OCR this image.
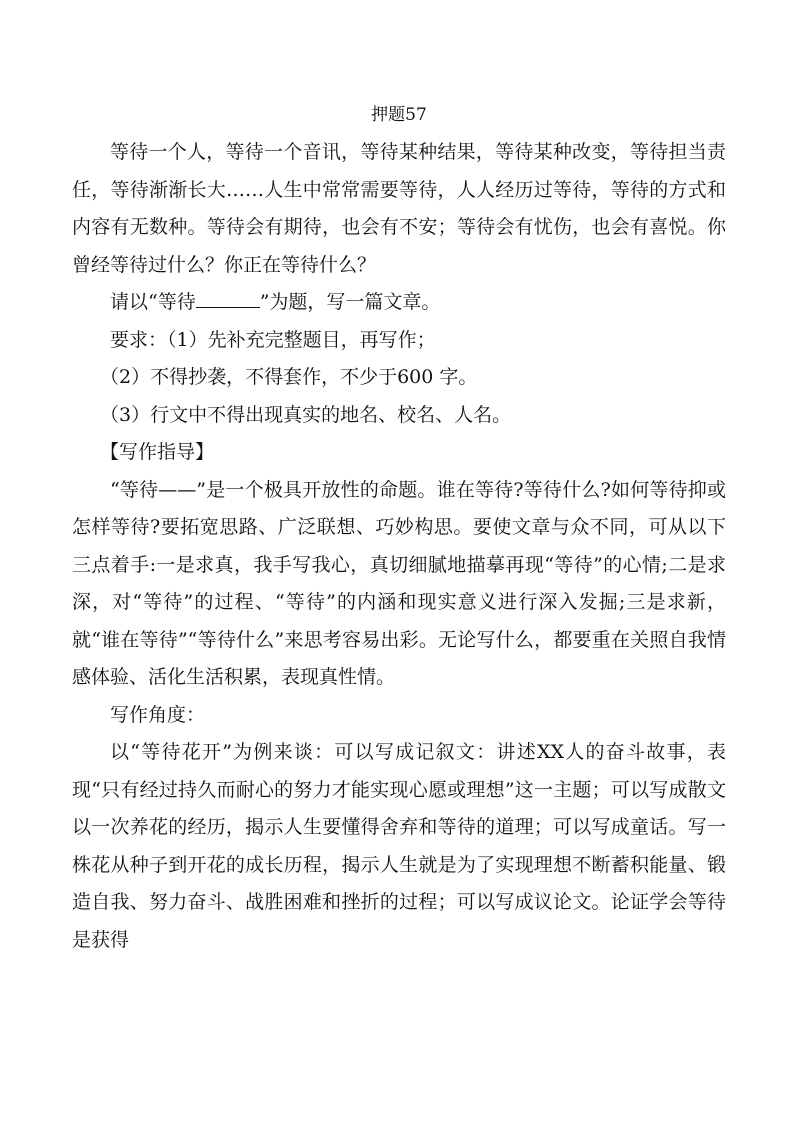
押题57

等待一个人，等待一个音讯，等待某种结果，等待某种改变，等待担当责任，等待渐渐长大……人生中常常需要等待，人人经历过等待，等待的方式和内容有无数种。等待会有期待，也会有不安；等待会有忧伤，也会有喜悦。你曾经等待过什么？你正在等待什么？

请以“等待	”为题，写一篇文章。

要求：（1）先补充完整题目，再写作；

（2）不得抄袭，不得套作，不少于600 字。

（3）行文中不得出现真实的地名、校名、人名。

【写作指导】

“等待——”是一个极具开放性的命题。谁在等待?等待什么?如何等待抑或怎样等待?要拓宽思路、广泛联想、巧妙构思。要使文章与众不同，可从以下三点着手:一是求真，我手写我心，真切细腻地描摹再现“等待”的心情;二是求深，对“等待”的过程、“等待”的内涵和现实意义进行深入发掘;三是求新，就“谁在等待”“等待什么”来思考容易出彩。无论写什么，都要重在关照自我情感体验、活化生活积累，表现真性情。

写作角度：

以“等待花开”为例来谈：可以写成记叙文：讲述XX人的奋斗故事，表现“只有经过持久而耐心的努力才能实现心愿或理想”这一主题；可以写成散文以一次养花的经历，揭示人生要懂得舍弃和等待的道理；可以写成童话。写一株花从种子到开花的成长历程，揭示人生就是为了实现理想不断蓄积能量、锻造自我、努力奋斗、战胜困难和挫折的过程；可以写成议论文。论证学会等待是获得
